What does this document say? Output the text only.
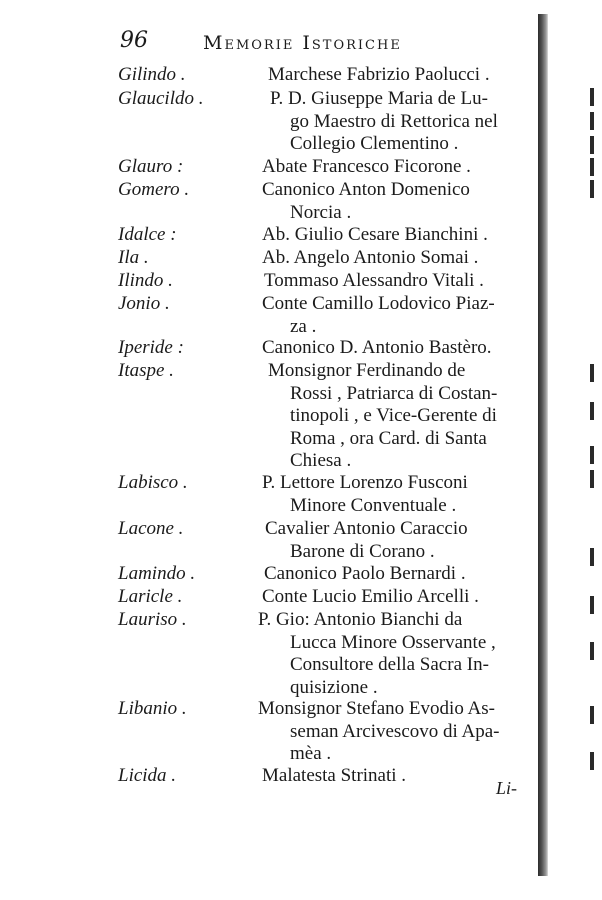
96	Memorie Istoriche
Gilindo .	Marchese Fabrizio Paolucci .
Glaucildo .	P. D. Giuseppe Maria de Lu-
go Maestro di Rettorica nel
Collegio Clementino .
Glauro :	Abate Francesco Ficorone .
Gomero .	Canonico Anton Domenico
Norcia .
Idalce :	Ab. Giulio Cesare Bianchini .
Ila .	Ab. Angelo Antonio Somai .
Ilindo .	Tommaso Alessandro Vitali .
Jonio .	Conte Camillo Lodovico Piaz-
za .
Iperide :	Canonico D. Antonio Bastèro.
Itaspe .	Monsignor Ferdinando de
Rossi , Patriarca di Costan-
tinopoli , e Vice-Gerente di
Roma , ora Card. di Santa
Chiesa .
Labisco .	P. Lettore Lorenzo Fusconi
Minore Conventuale .
Lacone .	Cavalier Antonio Caraccio
Barone di Corano .
Lamindo .	Canonico Paolo Bernardi .
Laricle .	Conte Lucio Emilio Arcelli .
Lauriso .	P. Gio: Antonio Bianchi da
Lucca Minore Osservante ,
Consultore della Sacra In-
quisizione .
Libanio .	Monsignor Stefano Evodio As-
seman Arcivescovo di Apa-
mèa .
Licida .	Malatesta Strinati .
Li-
